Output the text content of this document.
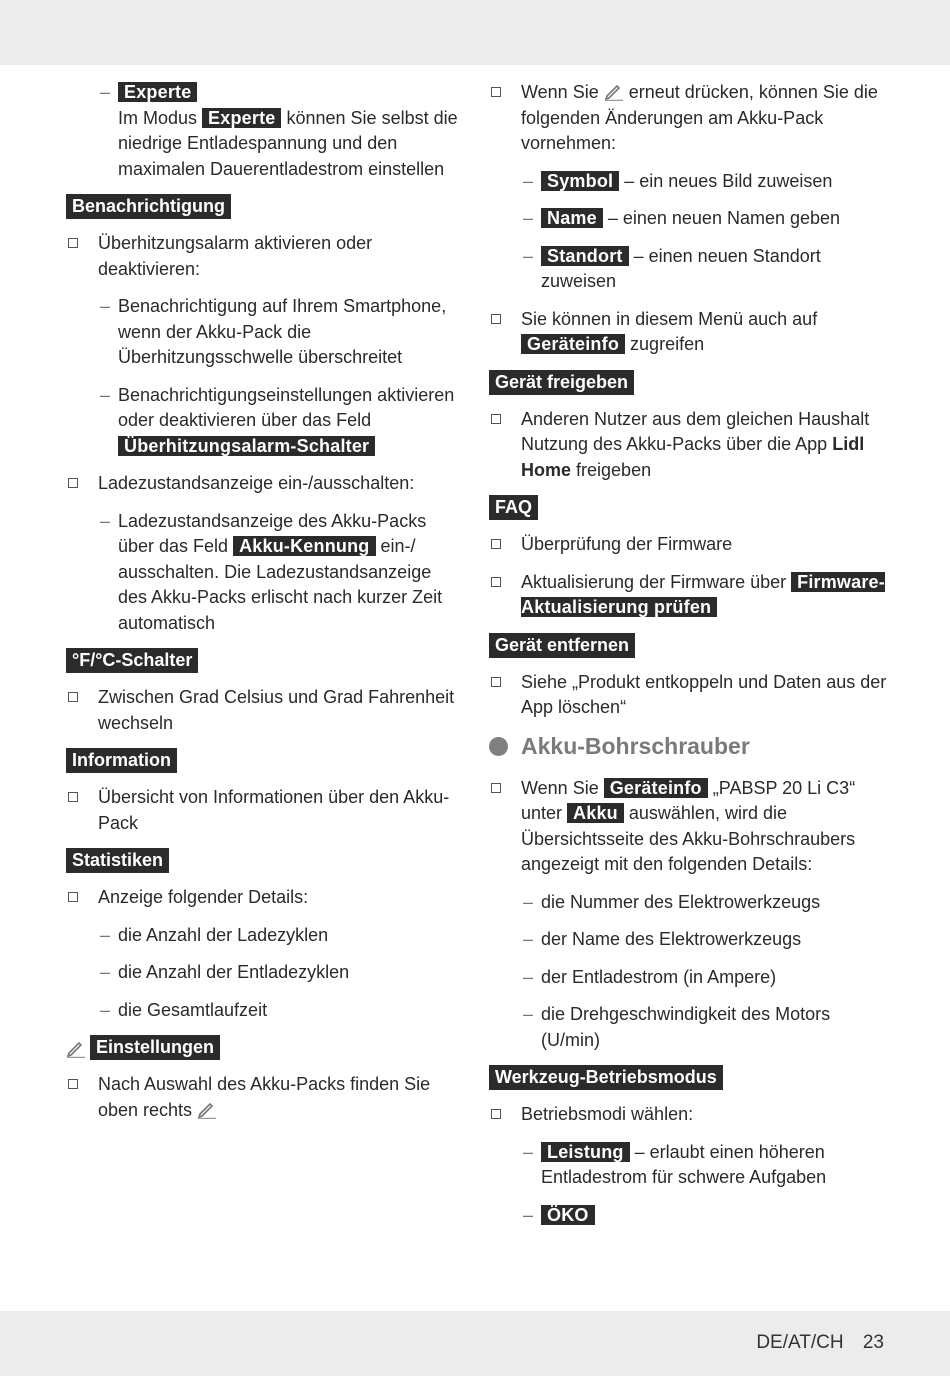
– Experte
Im Modus Experte können Sie selbst die niedrige Entladespannung und den maximalen Dauerentladestrom einstellen
Benachrichtigung
Überhitzungsalarm aktivieren oder deaktivieren:
– Benachrichtigung auf Ihrem Smartphone, wenn der Akku-Pack die Überhitzungsschwelle überschreitet
– Benachrichtigungseinstellungen aktivieren oder deaktivieren über das Feld Überhitzungsalarm-Schalter
Ladezustandsanzeige ein-/ausschalten:
– Ladezustandsanzeige des Akku-Packs über das Feld Akku-Kennung ein-/ ausschalten. Die Ladezustandsanzeige des Akku-Packs erlischt nach kurzer Zeit automatisch
°F/°C-Schalter
Zwischen Grad Celsius und Grad Fahrenheit wechseln
Information
Übersicht von Informationen über den Akku-Pack
Statistiken
Anzeige folgender Details:
– die Anzahl der Ladezyklen
– die Anzahl der Entladezyklen
– die Gesamtlaufzeit
Einstellungen
Nach Auswahl des Akku-Packs finden Sie oben rechts
Wenn Sie erneut drücken, können Sie die folgenden Änderungen am Akku-Pack vornehmen:
– Symbol – ein neues Bild zuweisen
– Name – einen neuen Namen geben
– Standort – einen neuen Standort zuweisen
Sie können in diesem Menü auch auf Geräteinfo zugreifen
Gerät freigeben
Anderen Nutzer aus dem gleichen Haushalt Nutzung des Akku-Packs über die App Lidl Home freigeben
FAQ
Überprüfung der Firmware
Aktualisierung der Firmware über Firmware-Aktualisierung prüfen
Gerät entfernen
Siehe „Produkt entkoppeln und Daten aus der App löschen“
Akku-Bohrschrauber
Wenn Sie Geräteinfo „PABSP 20 Li C3“ unter Akku auswählen, wird die Übersichtsseite des Akku-Bohrschraubers angezeigt mit den folgenden Details:
– die Nummer des Elektrowerkzeugs
– der Name des Elektrowerkzeugs
– der Entladestrom (in Ampere)
– die Drehgeschwindigkeit des Motors (U/min)
Werkzeug-Betriebsmodus
Betriebsmodi wählen:
– Leistung – erlaubt einen höheren Entladestrom für schwere Aufgaben
– ÖKO
DE/AT/CH 23
